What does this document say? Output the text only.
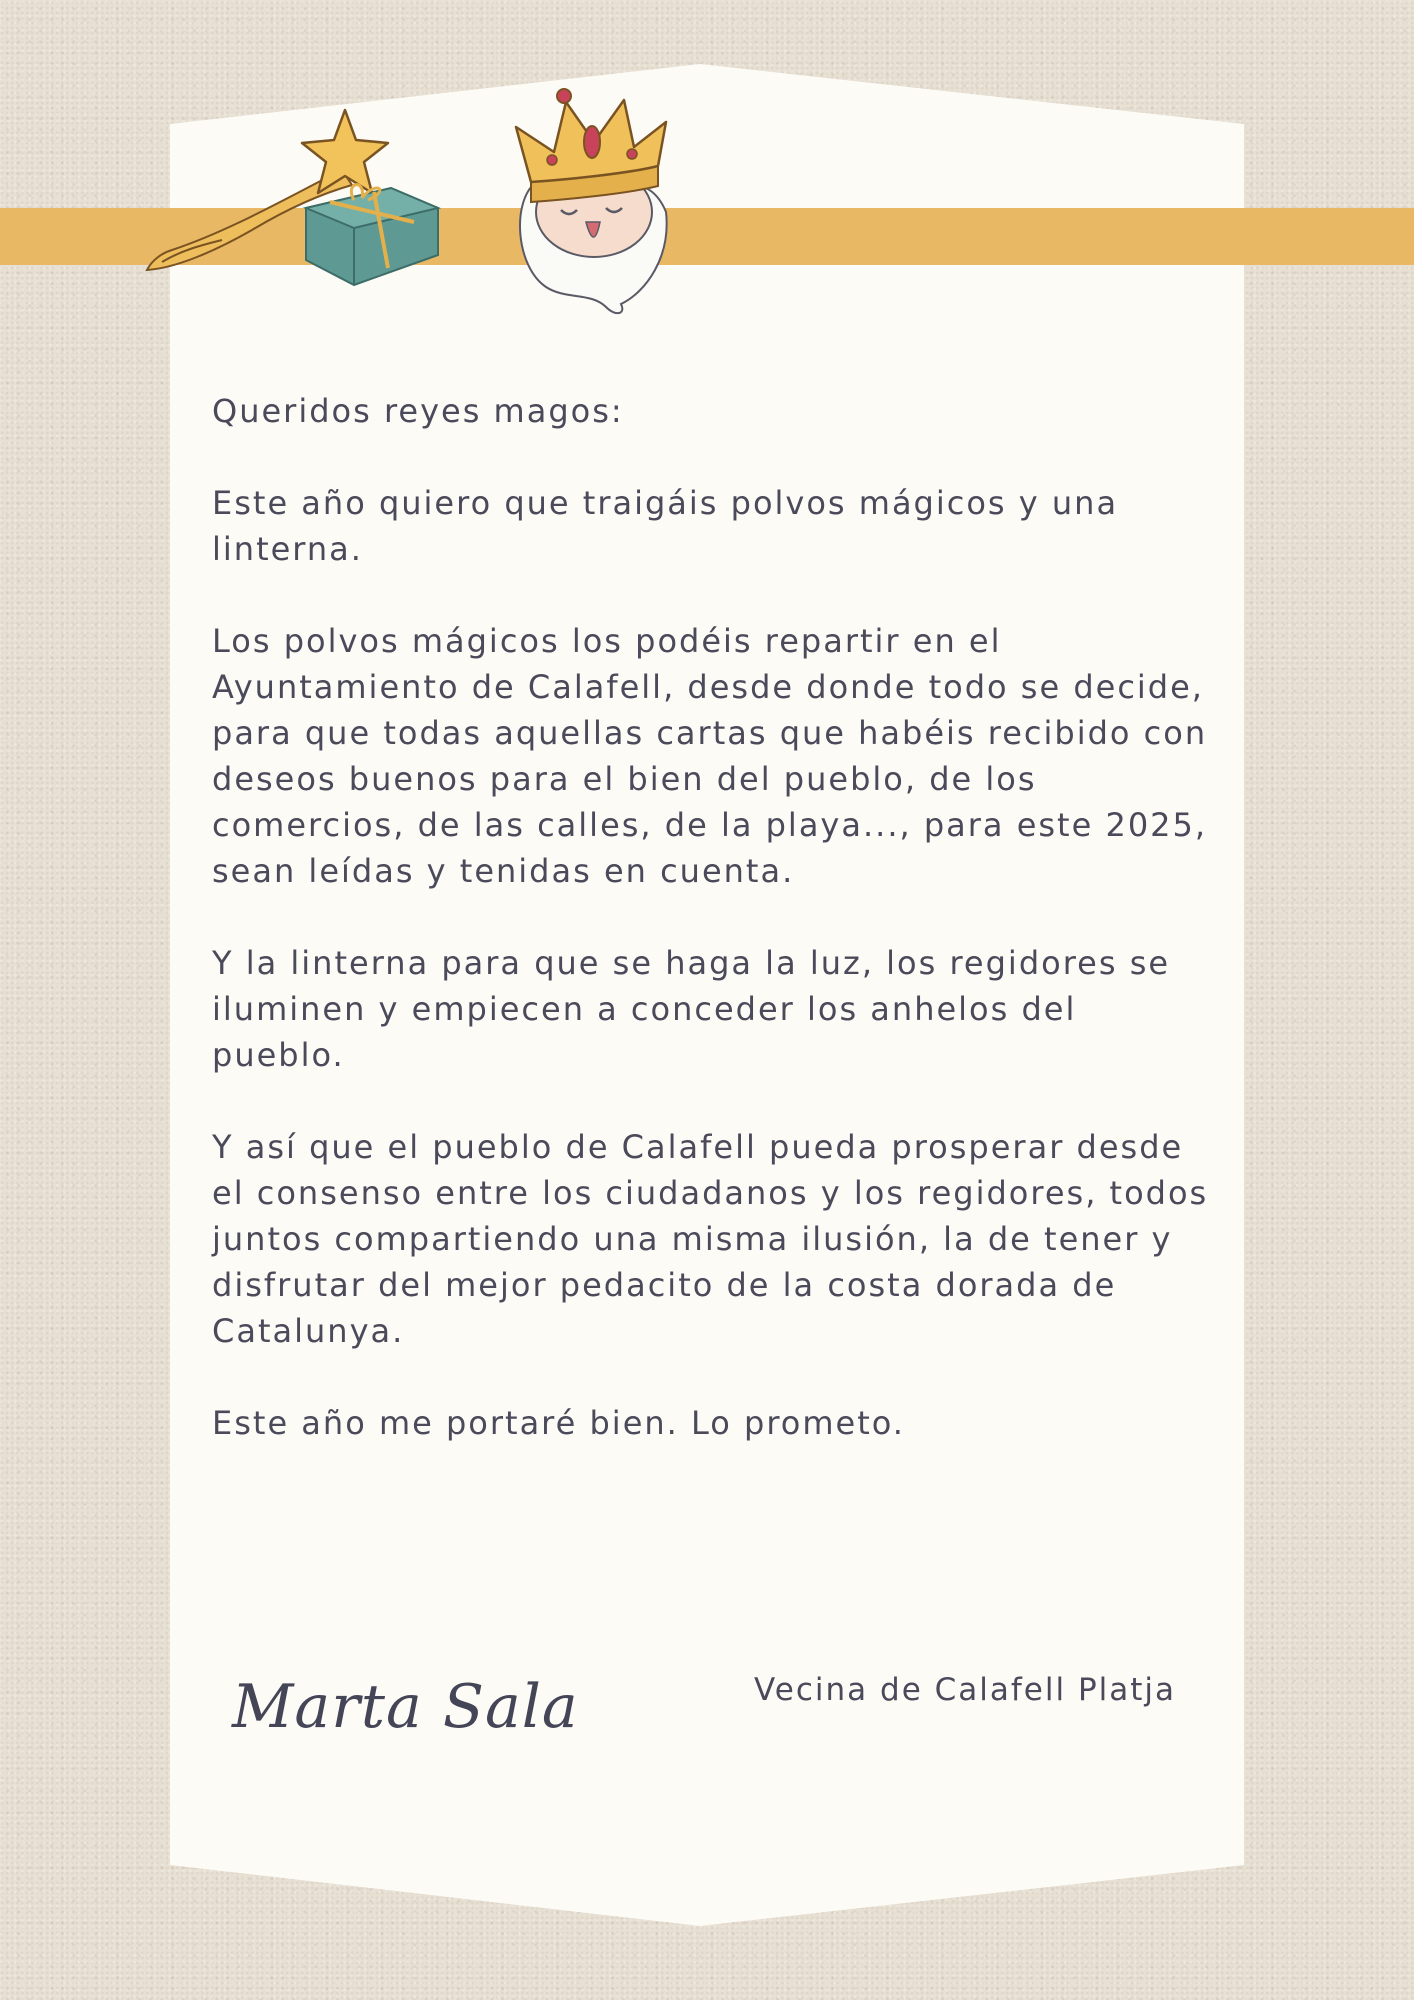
Queridos reyes magos:

Este año quiero que traigáis polvos mágicos y una linterna.

Los polvos mágicos los podéis repartir en el Ayuntamiento de Calafell, desde donde todo se decide, para que todas aquellas cartas que habéis recibido con deseos buenos para el bien del pueblo, de los comercios, de las calles, de la playa..., para este 2025, sean leídas y tenidas en cuenta.

Y la linterna para que se haga la luz, los regidores se iluminen y empiecen a conceder los anhelos del pueblo.

Y así que el pueblo de Calafell pueda prosperar desde el consenso entre los ciudadanos y los regidores, todos juntos compartiendo una misma ilusión, la de tener y disfrutar del mejor pedacito de la costa dorada de Catalunya.

Este año me portaré bien. Lo prometo.

Marta Sala	Vecina de Calafell Platja
